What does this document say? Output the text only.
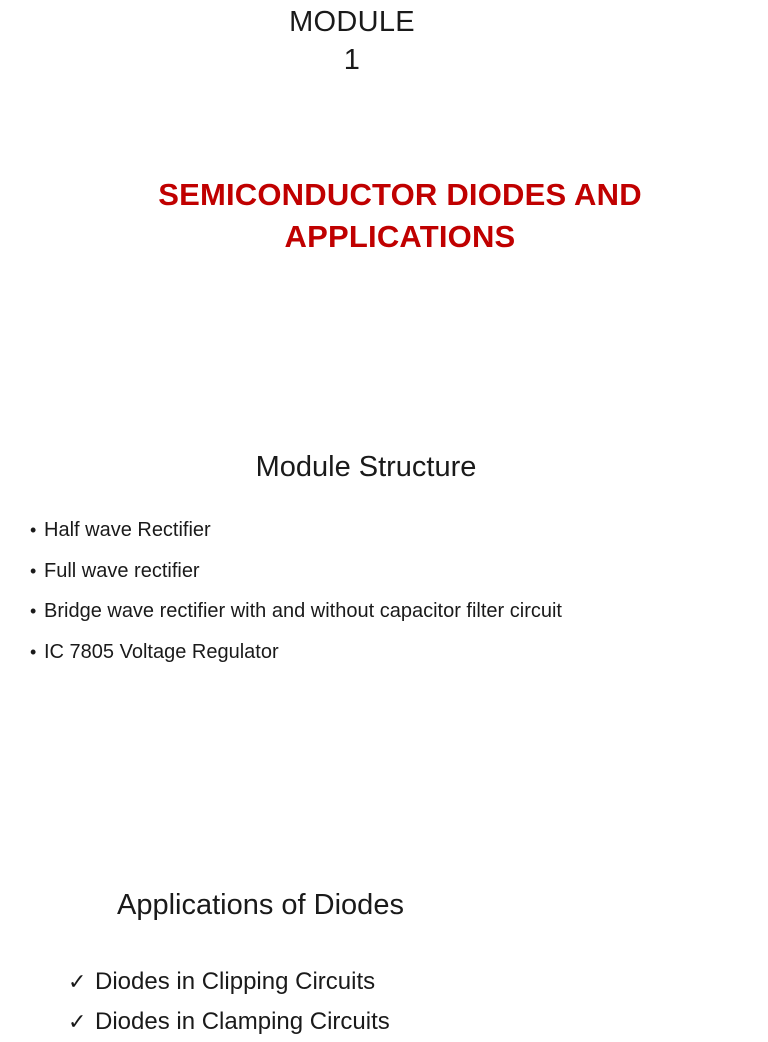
MODULE
1
SEMICONDUCTOR DIODES AND
APPLICATIONS
Module Structure
• Half wave Rectifier
• Full wave rectifier
• Bridge wave rectifier with and without capacitor filter circuit
• IC 7805 Voltage Regulator
Applications of Diodes
✓ Diodes in Clipping Circuits
✓ Diodes in Clamping Circuits
